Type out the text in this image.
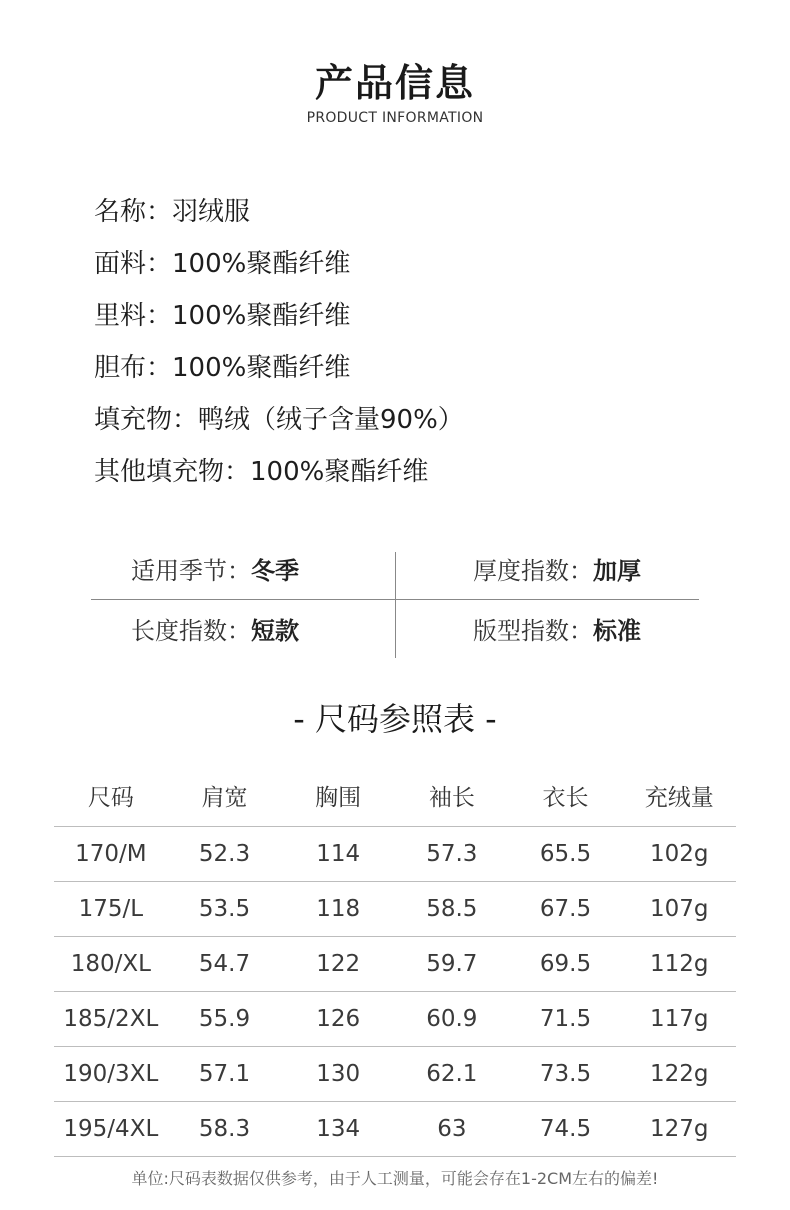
产品信息
PRODUCT INFORMATION
名称：羽绒服
面料：100%聚酯纤维
里料：100%聚酯纤维
胆布：100%聚酯纤维
填充物：鸭绒（绒子含量90%）
其他填充物：100%聚酯纤维
适用季节：冬季	厚度指数：加厚
长度指数：短款	版型指数：标准
- 尺码参照表 -
尺码	肩宽	胸围	袖长	衣长	充绒量
170/M	52.3	114	57.3	65.5	102g
175/L	53.5	118	58.5	67.5	107g
180/XL	54.7	122	59.7	69.5	112g
185/2XL	55.9	126	60.9	71.5	117g
190/3XL	57.1	130	62.1	73.5	122g
195/4XL	58.3	134	63	74.5	127g
单位:尺码表数据仅供参考，由于人工测量，可能会存在1-2CM左右的偏差!
